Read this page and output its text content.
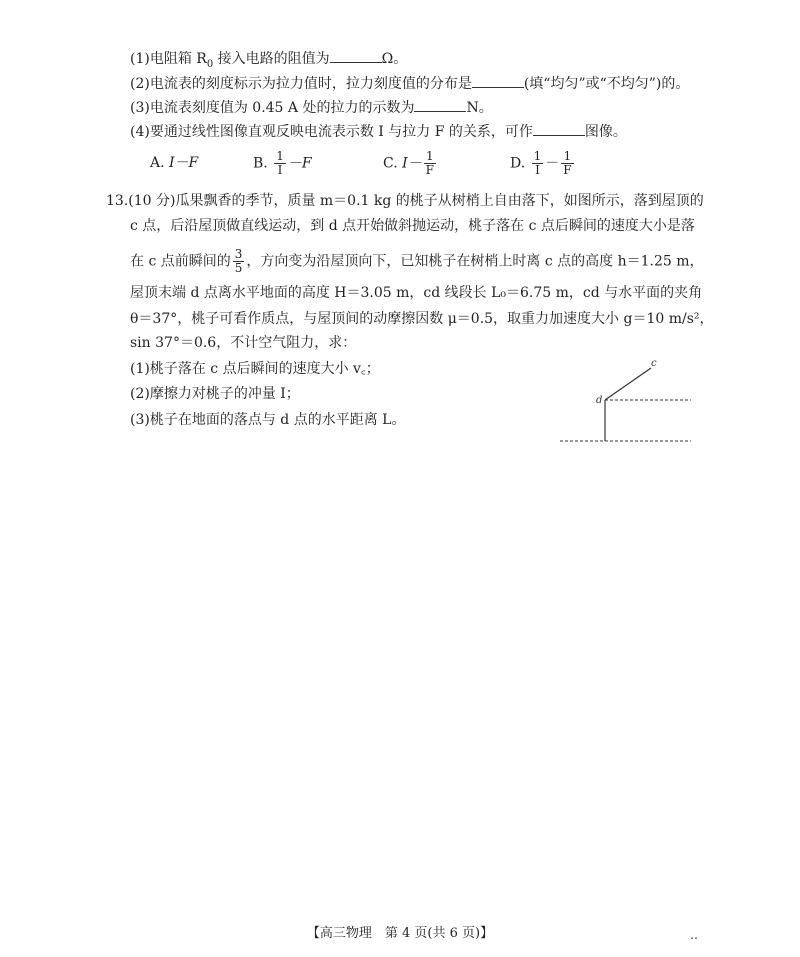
(1)电阻箱 $R_0$ 接入电路的阻值为	Ω。
(2)电流表的刻度标示为拉力值时，拉力刻度值的分布是	(填“均匀”或“不均匀”)的。
(3)电流表刻度值为 0.45 A 处的拉力的示数为	N。
(4)要通过线性图像直观反映电流表示数 I 与拉力 F 的关系，可作	图像。
A. I－F	B. $\frac{1}{I} -F$	C. $I- \frac{1}{F}$	D. $\frac{1}{I} - \frac{1}{F}$
13.(10 分)瓜果飘香的季节，质量 m＝0.1 kg 的桃子从树梢上自由落下，如图所示，落到屋顶的
c 点，后沿屋顶做直线运动，到 d 点开始做斜抛运动，桃子落在 c 点后瞬间的速度大小是落
在 c 点前瞬间的 $\frac{3}{5}$ ，方向变为沿屋顶向下，已知桃子在树梢上时离 c 点的高度 h＝1.25 m，
屋顶末端 d 点离水平地面的高度 H＝3.05 m，cd 线段长 L₀＝6.75 m，cd 与水平面的夹角
θ＝37°，桃子可看作质点，与屋顶间的动摩擦因数 μ＝0.5，取重力加速度大小 g＝10 m/s²，
sin 37°＝0.6，不计空气阻力，求：
(1)桃子落在 c 点后瞬间的速度大小 v꜀；
(2)摩擦力对桃子的冲量 I；
(3)桃子在地面的落点与 d 点的水平距离 L。
c
d
【高三物理　第 4 页(共 6 页)】	‥
